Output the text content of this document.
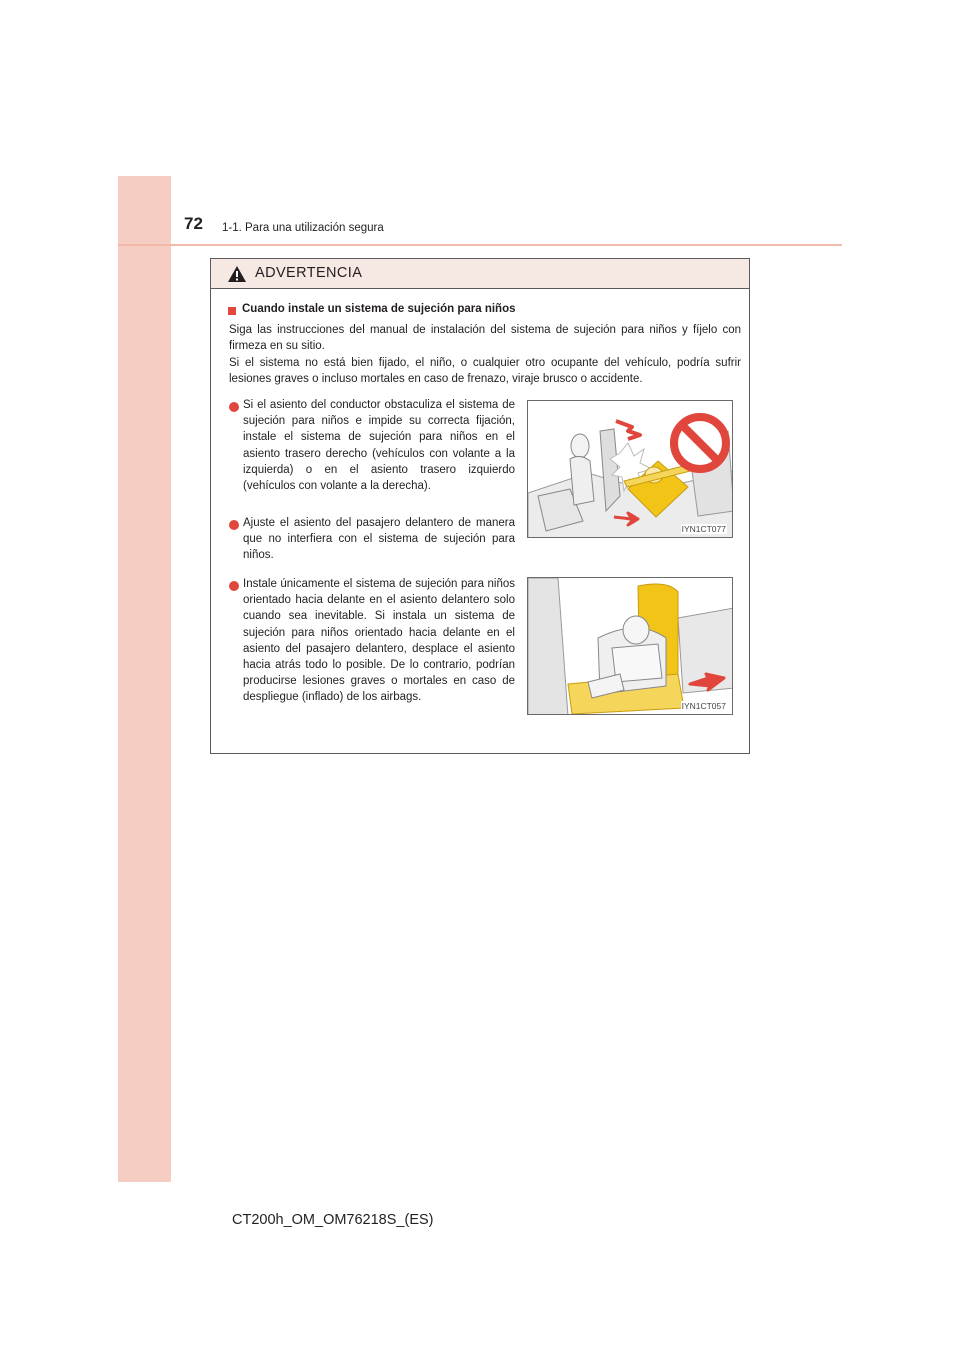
72 1-1. Para una utilización segura
ADVERTENCIA
Cuando instale un sistema de sujeción para niños
Siga las instrucciones del manual de instalación del sistema de sujeción para niños y fíjelo con firmeza en su sitio.
Si el sistema no está bien fijado, el niño, o cualquier otro ocupante del vehículo, podría sufrir lesiones graves o incluso mortales en caso de frenazo, viraje brusco o accidente.
Si el asiento del conductor obstaculiza el sistema de sujeción para niños e impide su correcta fijación, instale el sistema de sujeción para niños en el asiento trasero derecho (vehículos con volante a la izquierda) o en el asiento trasero izquierdo (vehículos con volante a la derecha).
Ajuste el asiento del pasajero delantero de manera que no interfiera con el sistema de sujeción para niños.
Instale únicamente el sistema de sujeción para niños orientado hacia delante en el asiento delantero solo cuando sea inevitable. Si instala un sistema de sujeción para niños orientado hacia delante en el asiento del pasajero delantero, desplace el asiento hacia atrás todo lo posible. De lo contrario, podrían producirse lesiones graves o mortales en caso de despliegue (inflado) de los airbags.
IYN1CT077
IYN1CT057
CT200h_OM_OM76218S_(ES)
